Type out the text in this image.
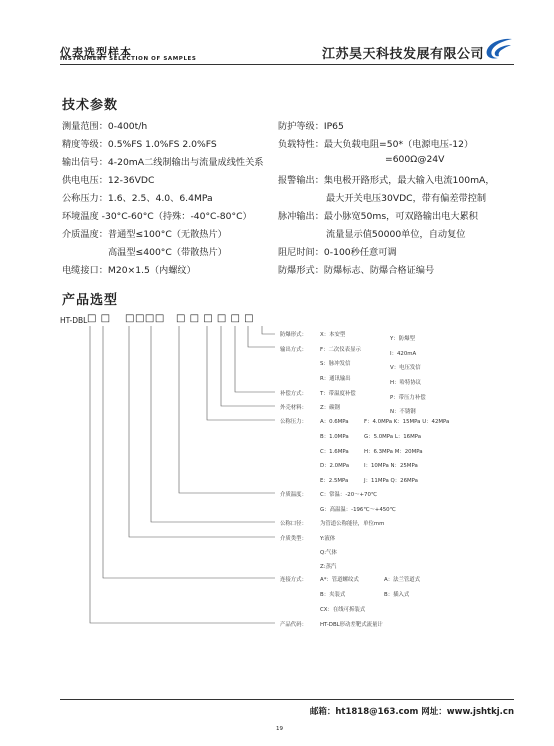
仪表选型样本
INSTRUMENT SELECTION OF SAMPLES	江苏昊天科技发展有限公司
技术参数
测量范围：0-400t/h
精度等级：0.5%FS 1.0%FS 2.0%FS
输出信号：4-20mA二线制输出与流量成线性关系
供电电压：12-36VDC
公称压力：1.6、2.5、4.0、6.4MPa
环境温度 -30°C-60°C（持殊：-40°C-80°C）
介质温度：普通型≤100°C（无散热片）
高温型≤400°C（带散热片）
电缆接口：M20×1.5（内螺纹）
防护等级：IP65
负载特性：最大负载电阻=50*（电源电压-12）
=600Ω@24V
报警输出：集电极开路形式，最大输入电流100mA，
最大开关电压30VDC，带有偏差带控制
脉冲输出：最小脉宽50ms，可双路输出电大累积
流量显示值50000单位，自动复位
阻尼时间：0-100秒任意可调
防爆形式：防爆标志、防爆合格证编号
产品选型
HT-DBL □ □ □□□□ □ □ □ □ □ □
防爆形式： X：本安型
Y：防爆型
输出方式： F：二次仪表显示
I：420mA
S：脉冲发信
V：电压发信
R：通讯输出
H：哈特协议
补偿方式： T：带温度补偿
P：带压力补偿
外壳材料： Z：碳钢
N：不锈钢
公称压力： A：0.6MPa	F：4.0MPa K：15MPa U：42MPa
B：1.0MPa	G：5.0MPa L：16MPa
C：1.6MPa	H：6.3MPa M：20MPa
D：2.0MPa	I：10MPa N：25MPa
E：2.5MPa	J：11MPa Q：26MPa
介质温度： C：常温：-20～+70℃
G：高温温：-196℃～+450℃
公称口径： 为管道公称能径，单位mm
介质类型： Y:液体
Q:气体
Z:蒸汽
连接方式： A*：管道螺纹式	A：法兰管道式
B：夹装式	B：插入式
CX：在线可拆装式
产品代码： HT-DBL形动差靶式流量计
邮箱：ht1818@163.com 网址：www.jshtkj.cn
19
